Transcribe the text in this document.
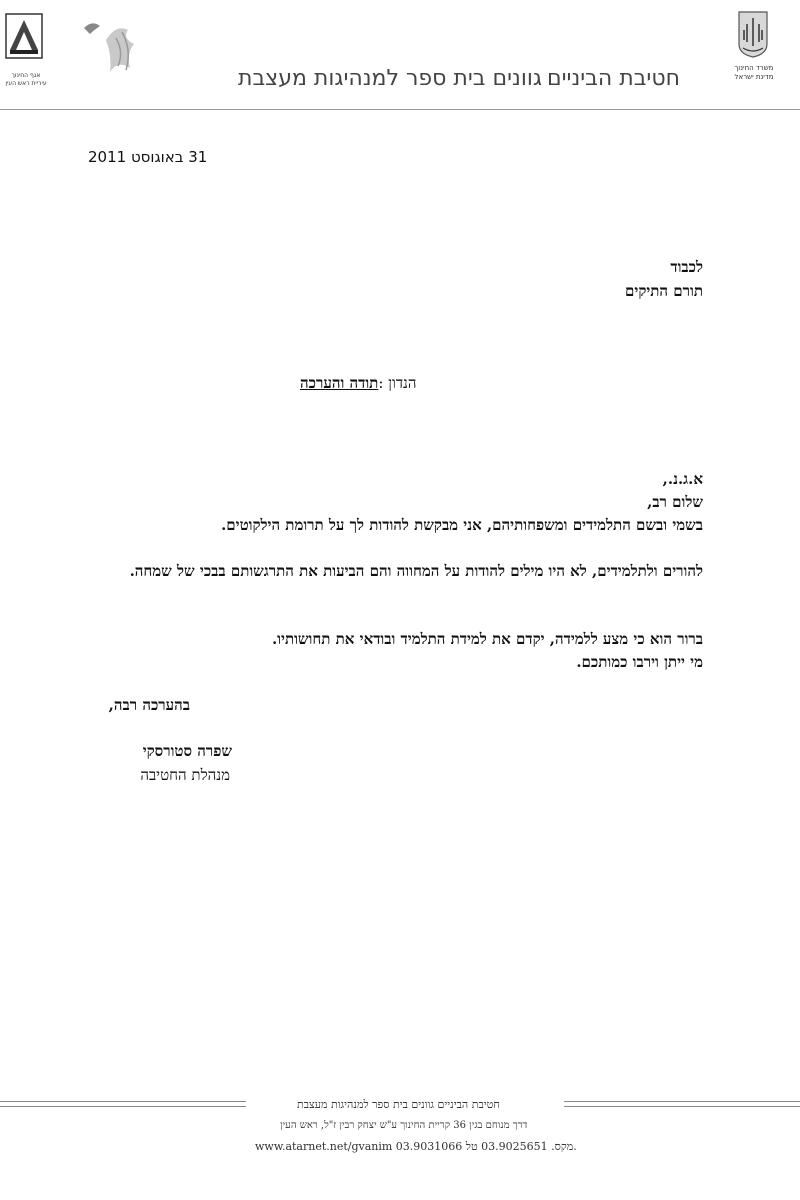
משרד החינוך
מדינת ישראל
אגף החינוך
עיריית ראש העין	חטיבת הביניים
גוונים בית ספר למנהיגות מעצבת
31 באוגוסט 2011
לכבוד
תורם התיקים
הנדון :תודה והערכה
א.ג.נ.,
שלום רב,
בשמי ובשם התלמידים ומשפחותיהם, אני מבקשת להודות לך על תרומת הילקוטים.
להורים ולתלמידים, לא היו מילים להודות על המחווה והם הביעות את התרגשותם בבכי של שמחה.
ברור הוא כי מצע ללמידה, יקדם את למידת התלמיד ובודאי את תחושותיו.
מי ייתן וירבו כמותכם.
בהערכה רבה,
שפרה סטורסקי
מנהלת החטיבה
חטיבת הביניים גוונים בית ספר למנהיגות מעצבת
דרך מנוחם בגין 36 קריית החינוך ע"ש יצחק רבין ז"ל, ראש העין
www.atarnet.net/gvanim 03.9031066 מקס. 03.9025651 טל.
